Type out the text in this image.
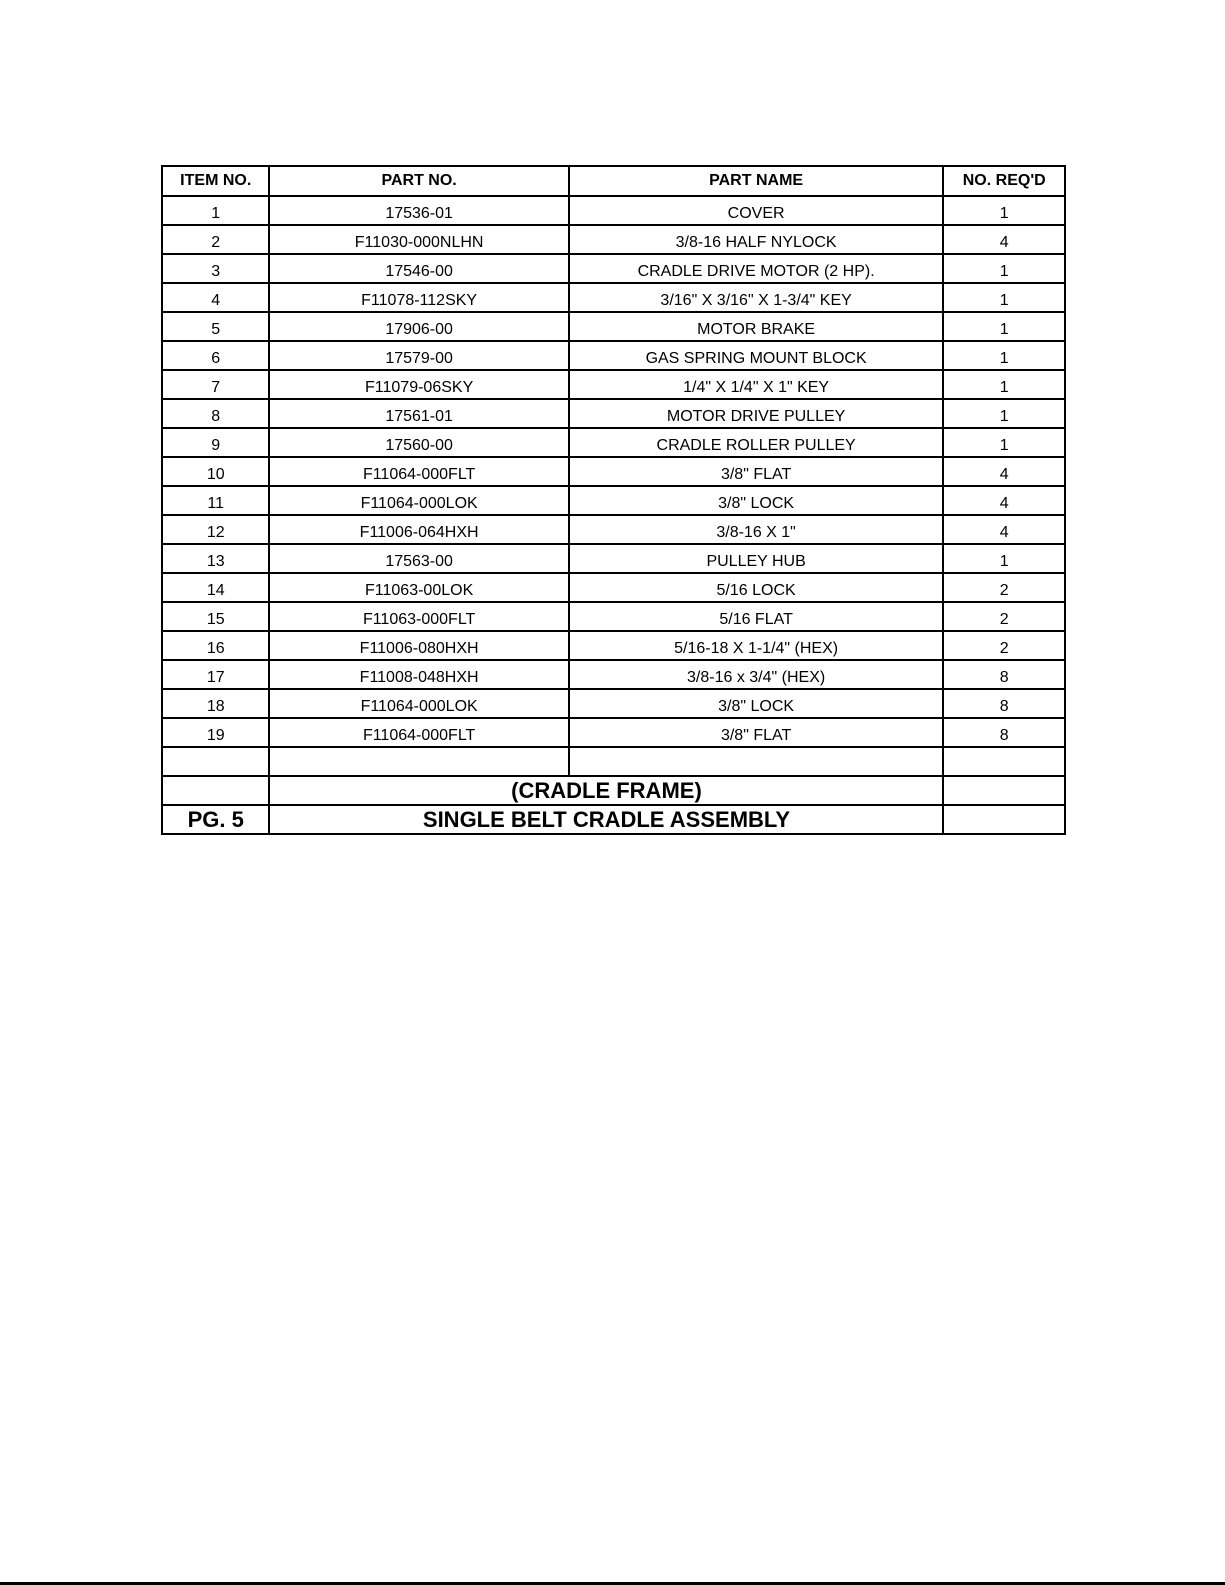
ITEM NO.	PART NO.	PART NAME	NO. REQ'D
1	17536-01	COVER	1
2	F11030-000NLHN	3/8-16 HALF NYLOCK	4
3	17546-00	CRADLE DRIVE MOTOR (2 HP).	1
4	F11078-112SKY	3/16" X 3/16" X 1-3/4" KEY	1
5	17906-00	MOTOR BRAKE	1
6	17579-00	GAS SPRING MOUNT BLOCK	1
7	F11079-06SKY	1/4" X 1/4" X 1" KEY	1
8	17561-01	MOTOR DRIVE PULLEY	1
9	17560-00	CRADLE ROLLER PULLEY	1
10	F11064-000FLT	3/8" FLAT	4
11	F11064-000LOK	3/8" LOCK	4
12	F11006-064HXH	3/8-16 X 1"	4
13	17563-00	PULLEY HUB	1
14	F11063-00LOK	5/16 LOCK	2
15	F11063-000FLT	5/16 FLAT	2
16	F11006-080HXH	5/16-18 X 1-1/4" (HEX)	2
17	F11008-048HXH	3/8-16 x 3/4" (HEX)	8
18	F11064-000LOK	3/8" LOCK	8
19	F11064-000FLT	3/8" FLAT	8

	(CRADLE FRAME)		
PG. 5	SINGLE BELT CRADLE ASSEMBLY		
